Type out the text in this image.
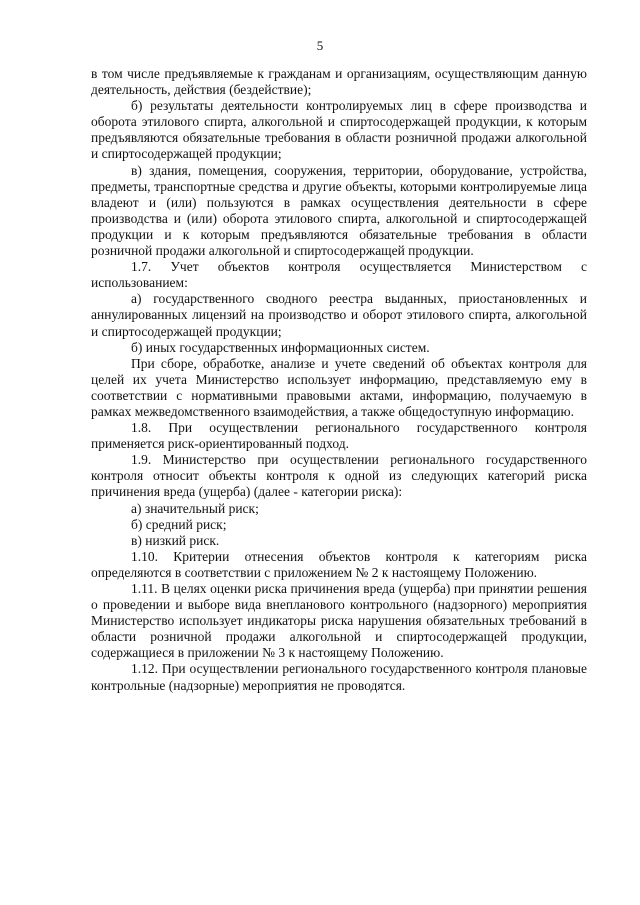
5

в том числе предъявляемые к гражданам и организациям, осуществляющим данную деятельность, действия (бездействие);

б) результаты деятельности контролируемых лиц в сфере производства и оборота этилового спирта, алкогольной и спиртосодержащей продукции, к которым предъявляются обязательные требования в области розничной продажи алкогольной и спиртосодержащей продукции;

в) здания, помещения, сооружения, территории, оборудование, устройства, предметы, транспортные средства и другие объекты, которыми контролируемые лица владеют и (или) пользуются в рамках осуществления деятельности в сфере производства и (или) оборота этилового спирта, алкогольной и спиртосодержащей продукции и к которым предъявляются обязательные требования в области розничной продажи алкогольной и спиртосодержащей продукции.

1.7. Учет объектов контроля осуществляется Министерством с использованием:

а) государственного сводного реестра выданных, приостановленных и аннулированных лицензий на производство и оборот этилового спирта, алкогольной и спиртосодержащей продукции;

б) иных государственных информационных систем.

При сборе, обработке, анализе и учете сведений об объектах контроля для целей их учета Министерство использует информацию, представляемую ему в соответствии с нормативными правовыми актами, информацию, получаемую в рамках межведомственного взаимодействия, а также общедоступную информацию.

1.8. При осуществлении регионального государственного контроля применяется риск-ориентированный подход.

1.9. Министерство при осуществлении регионального государственного контроля относит объекты контроля к одной из следующих категорий риска причинения вреда (ущерба) (далее - категории риска):

а) значительный риск;

б) средний риск;

в) низкий риск.

1.10. Критерии отнесения объектов контроля к категориям риска определяются в соответствии с приложением № 2 к настоящему Положению.

1.11. В целях оценки риска причинения вреда (ущерба) при принятии решения о проведении и выборе вида внепланового контрольного (надзорного) мероприятия Министерство использует индикаторы риска нарушения обязательных требований в области розничной продажи алкогольной и спиртосодержащей продукции, содержащиеся в приложении № 3 к настоящему Положению.

1.12. При осуществлении регионального государственного контроля плановые контрольные (надзорные) мероприятия не проводятся.
